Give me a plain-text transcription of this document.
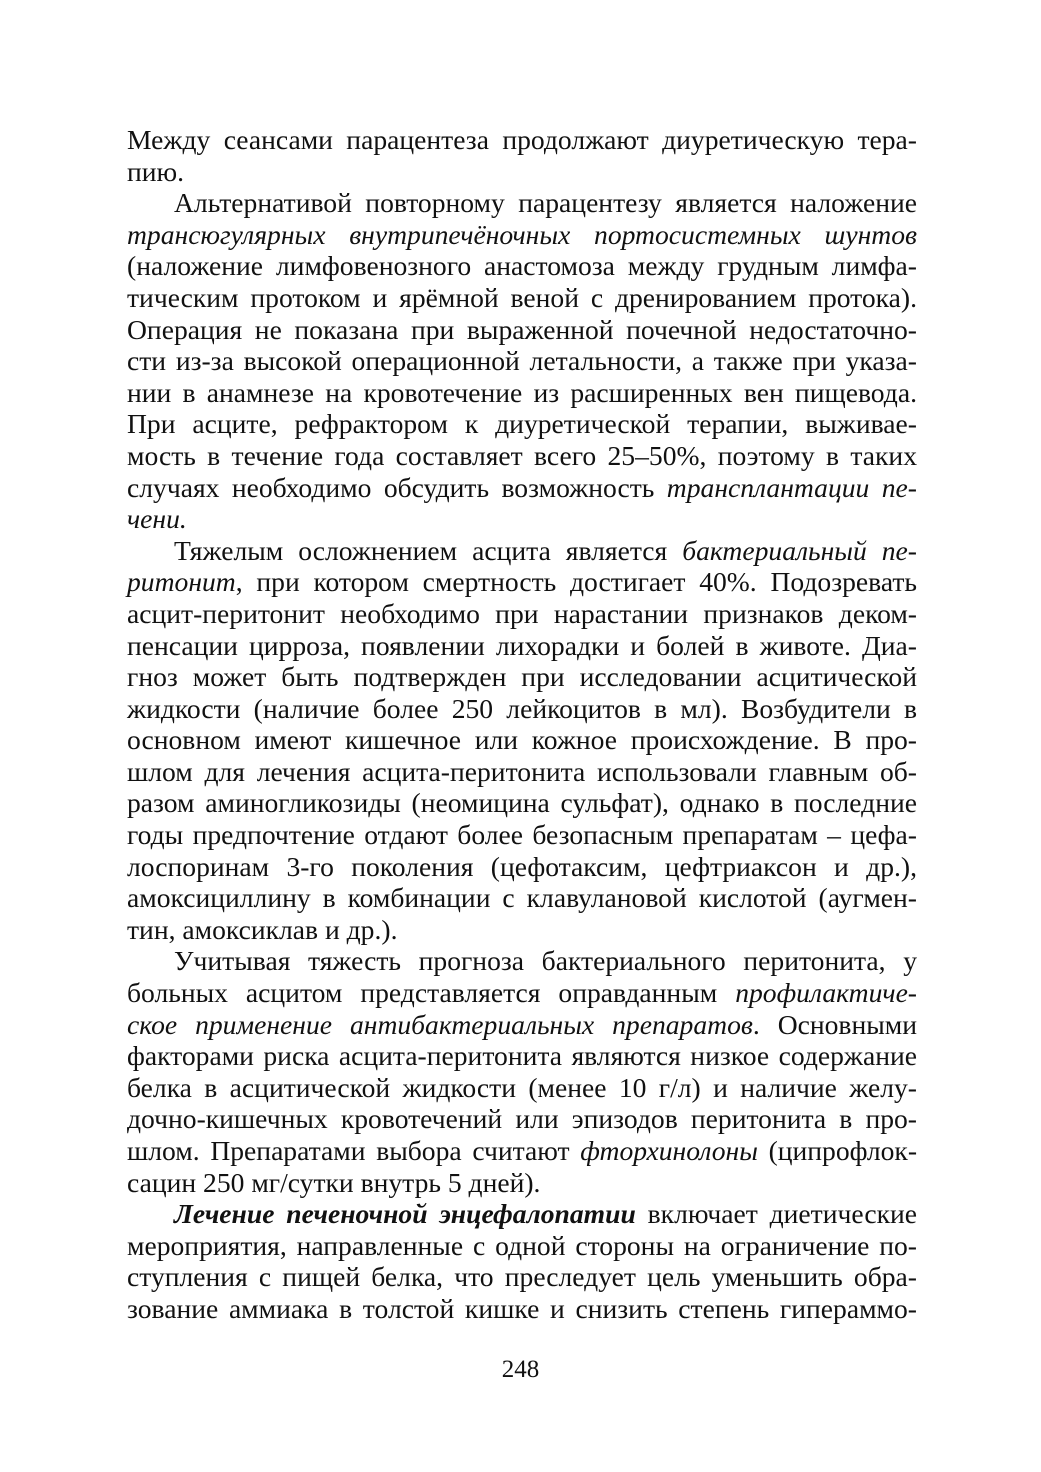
Между сеансами парацентеза продолжают диуретическую тера-
пию.
Альтернативой повторному парацентезу является наложение
трансюгулярных внутрипечёночных портосистемных шунтов
(наложение лимфовенозного анастомоза между грудным лимфа-
тическим протоком и ярёмной веной с дренированием протока).
Операция не показана при выраженной почечной недостаточно-
сти из-за высокой операционной летальности, а также при указа-
нии в анамнезе на кровотечение из расширенных вен пищевода.
При асците, рефрактором к диуретической терапии, выживае-
мость в течение года составляет всего 25–50%, поэтому в таких
случаях необходимо обсудить возможность трансплантации пе-
чени.
Тяжелым осложнением асцита является бактериальный пе-
ритонит, при котором смертность достигает 40%. Подозревать
асцит-перитонит необходимо при нарастании признаков деком-
пенсации цирроза, появлении лихорадки и болей в животе. Диа-
гноз может быть подтвержден при исследовании асцитической
жидкости (наличие более 250 лейкоцитов в мл). Возбудители в
основном имеют кишечное или кожное происхождение. В про-
шлом для лечения асцита-перитонита использовали главным об-
разом аминогликозиды (неомицина сульфат), однако в последние
годы предпочтение отдают более безопасным препаратам – цефа-
лоспоринам 3-го поколения (цефотаксим, цефтриаксон и др.),
амоксициллину в комбинации с клавулановой кислотой (аугмен-
тин, амоксиклав и др.).
Учитывая тяжесть прогноза бактериального перитонита, у
больных асцитом представляется оправданным профилактиче-
ское применение антибактериальных препаратов. Основными
факторами риска асцита-перитонита являются низкое содержание
белка в асцитической жидкости (менее 10 г/л) и наличие желу-
дочно-кишечных кровотечений или эпизодов перитонита в про-
шлом. Препаратами выбора считают фторхинолоны (ципрофлок-
сацин 250 мг/сутки внутрь 5 дней).
Лечение печеночной энцефалопатии включает диетические
мероприятия, направленные с одной стороны на ограничение по-
ступления с пищей белка, что преследует цель уменьшить обра-
зование аммиака в толстой кишке и снизить степень гипераммо-
248
